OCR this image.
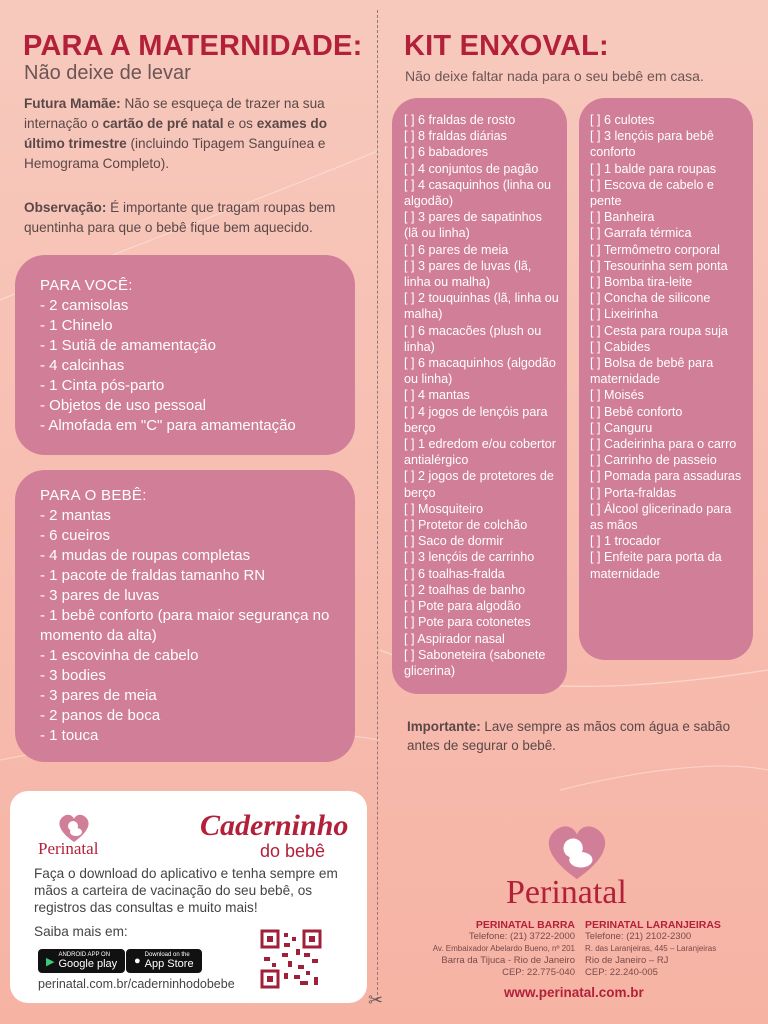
✂
PARA A MATERNIDADE:
Não deixe de levar
Futura Mamãe: Não se esqueça de trazer na sua internação o cartão de pré natal e os exames do último trimestre (incluindo Tipagem Sanguínea e Hemograma Completo).
Observação: É importante que tragam roupas bem quentinha para que o bebê fique bem aquecido.
PARA VOCÊ:
- 2 camisolas
- 1 Chinelo
- 1 Sutiã de amamentação
- 4 calcinhas
- 1 Cinta pós-parto
- Objetos de uso pessoal
- Almofada em "C" para amamentação
PARA O BEBÊ:
- 2 mantas
- 6 cueiros
- 4 mudas de roupas completas
- 1 pacote de fraldas tamanho RN
- 3 pares de luvas
- 1 bebê conforto (para maior segurança no momento da alta)
- 1 escovinha de cabelo
- 3 bodies
- 3 pares de meia
- 2 panos de boca
- 1 touca
Perinatal
Caderninho
do bebê
Faça o download do aplicativo e tenha sempre em mãos a carteira de vacinação do seu bebê, os registros das consultas e muito mais!
Saiba mais em:
▶
ANDROID APP ON
Google play ● Download on the
App Store
perinatal.com.br/caderninhodobebe
KIT ENXOVAL:
Não deixe faltar nada para o seu bebê em casa.
[ ] 6 fraldas de rosto
[ ] 8 fraldas diárias
[ ] 6 babadores
[ ] 4 conjuntos de pagão
[ ] 4 casaquinhos (linha ou algodão)
[ ] 3 pares de sapatinhos (lã ou linha)
[ ] 6 pares de meia
[ ] 3 pares de luvas (lã, linha ou malha)
[ ] 2 touquinhas (lã, linha ou malha)
[ ] 6 macacões (plush ou linha)
[ ] 6 macaquinhos (algodão ou linha)
[ ] 4 mantas
[ ] 4 jogos de lençóis para berço
[ ] 1 edredom e/ou cobertor antialérgico
[ ] 2 jogos de protetores de berço
[ ] Mosquiteiro
[ ] Protetor de colchão
[ ] Saco de dormir
[ ] 3 lençóis de carrinho
[ ] 6 toalhas-fralda
[ ] 2 toalhas de banho
[ ] Pote para algodão
[ ] Pote para cotonetes
[ ] Aspirador nasal
[ ] Saboneteira (sabonete glicerina)
[ ] 6 culotes
[ ] 3 lençóis para bebê conforto
[ ] 1 balde para roupas
[ ] Escova de cabelo e pente
[ ] Banheira
[ ] Garrafa térmica
[ ] Termômetro corporal
[ ] Tesourinha sem ponta
[ ] Bomba tira-leite
[ ] Concha de silicone
[ ] Lixeirinha
[ ] Cesta para roupa suja
[ ] Cabides
[ ] Bolsa de bebê para maternidade
[ ] Moisés
[ ] Bebê conforto
[ ] Canguru
[ ] Cadeirinha para o carro
[ ] Carrinho de passeio
[ ] Pomada para assaduras
[ ] Porta-fraldas
[ ] Álcool glicerinado para as mãos
[ ] 1 trocador
[ ] Enfeite para porta da maternidade
Importante: Lave sempre as mãos com água e sabão antes de segurar o bebê.
Perinatal
PERINATAL BARRA
Telefone: (21) 3722-2000
Av. Embaixador Abelardo Bueno, nº 201
Barra da Tijuca - Rio de Janeiro
CEP: 22.775-040
PERINATAL LARANJEIRAS
Telefone: (21) 2102-2300
R. das Laranjeiras, 445 – Laranjeiras
Rio de Janeiro – RJ
CEP: 22.240-005
www.perinatal.com.br
